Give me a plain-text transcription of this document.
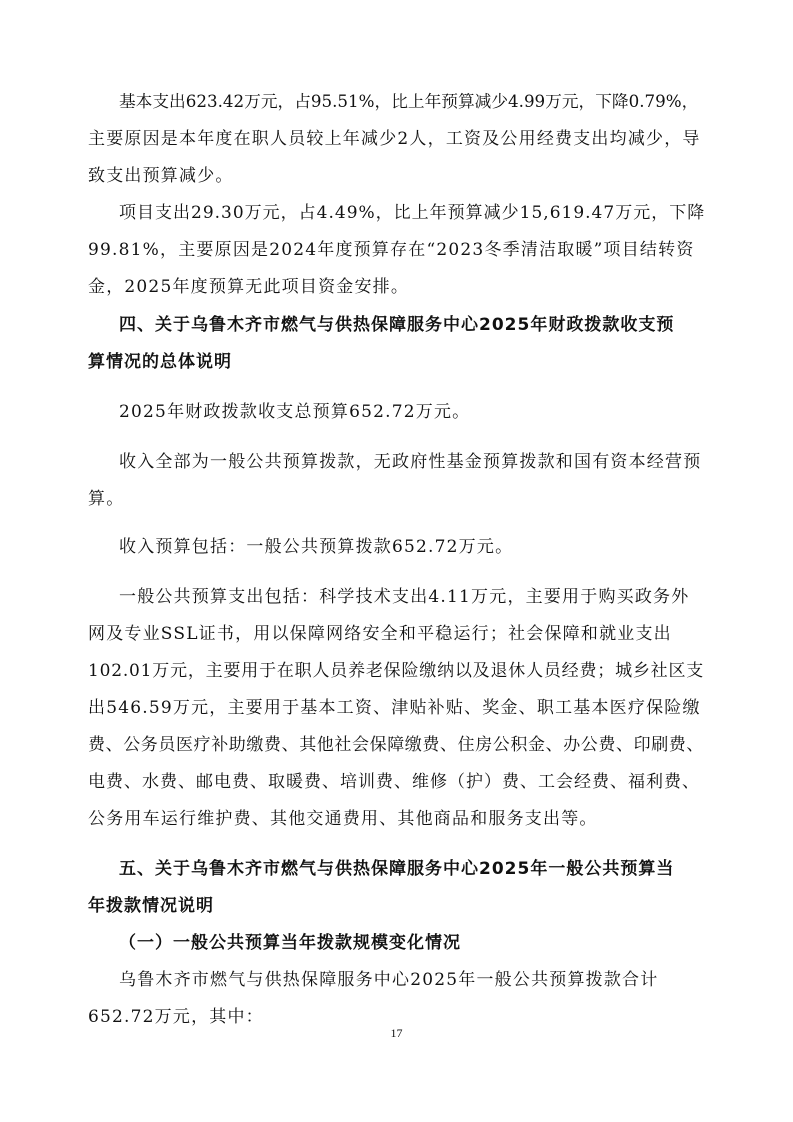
基本支出623.42万元，占95.51%，比上年预算减少4.99万元，下降0.79%，
主要原因是本年度在职人员较上年减少2人，工资及公用经费支出均减少，导
致支出预算减少。
项目支出29.30万元，占4.49%，比上年预算减少15,619.47万元，下降
99.81%，主要原因是2024年度预算存在“2023冬季清洁取暖”项目结转资
金，2025年度预算无此项目资金安排。
四、关于乌鲁木齐市燃气与供热保障服务中心2025年财政拨款收支预
算情况的总体说明
2025年财政拨款收支总预算652.72万元。
收入全部为一般公共预算拨款，无政府性基金预算拨款和国有资本经营预
算。
收入预算包括：一般公共预算拨款652.72万元。
一般公共预算支出包括：科学技术支出4.11万元，主要用于购买政务外
网及专业SSL证书，用以保障网络安全和平稳运行；社会保障和就业支出
102.01万元，主要用于在职人员养老保险缴纳以及退休人员经费；城乡社区支
出546.59万元，主要用于基本工资、津贴补贴、奖金、职工基本医疗保险缴
费、公务员医疗补助缴费、其他社会保障缴费、住房公积金、办公费、印刷费、
电费、水费、邮电费、取暖费、培训费、维修（护）费、工会经费、福利费、
公务用车运行维护费、其他交通费用、其他商品和服务支出等。
五、关于乌鲁木齐市燃气与供热保障服务中心2025年一般公共预算当
年拨款情况说明
（一）一般公共预算当年拨款规模变化情况
乌鲁木齐市燃气与供热保障服务中心2025年一般公共预算拨款合计
652.72万元，其中：
17
